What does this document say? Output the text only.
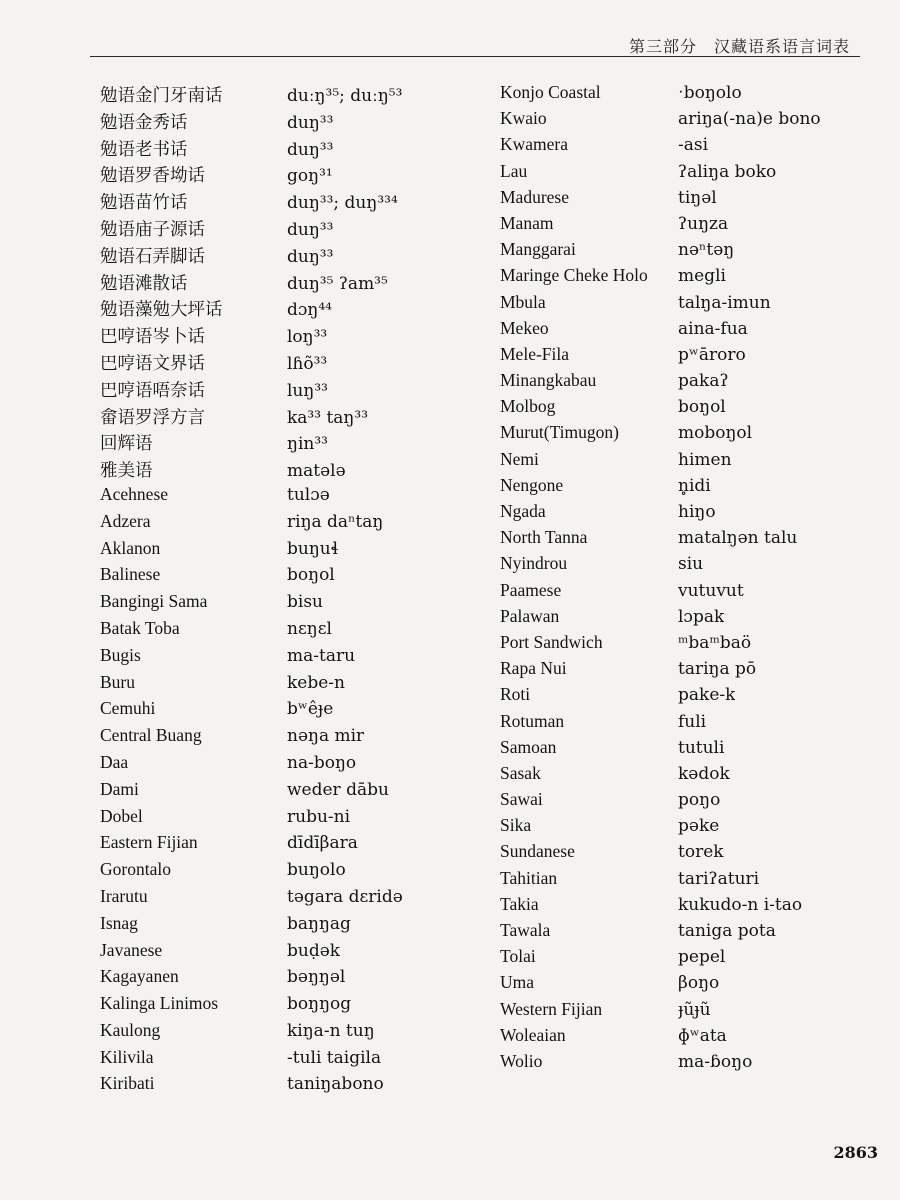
第三部分　汉藏语系语言词表
勉语金门牙南话	duːŋ³⁵; duːŋ⁵³
勉语金秀话	duŋ³³
勉语老书话	duŋ³³
勉语罗香坳话	goŋ³¹
勉语苗竹话	duŋ³³; duŋ³³⁴
勉语庙子源话	duŋ³³
勉语石弄脚话	duŋ³³
勉语滩散话	duŋ³⁵ ʔam³⁵
勉语藻勉大坪话	dɔŋ⁴⁴
巴哼语岑卜话	loŋ³³
巴哼语文界话	lɦõ³³
巴哼语唔奈话	luŋ³³
畲语罗浮方言	ka³³ taŋ³³
回辉语	ŋin³³
雅美语	matələ
Acehnese	tulɔə
Adzera	riŋa daⁿtaŋ
Aklanon	buŋuɬ
Balinese	boŋol
Bangingi Sama	bisu
Batak Toba	nɛŋɛl
Bugis	ma-taru
Buru	kebe-n
Cemuhi	bʷêɟe
Central Buang	nəŋa mir
Daa	na-boŋo
Dami	weder dābu
Dobel	rubu-ni
Eastern Fijian	dīdīβara
Gorontalo	buŋolo
Irarutu	təgara dɛridə
Isnag	baŋŋag
Javanese	buḍək
Kagayanen	bəŋŋəl
Kalinga Linimos	boŋŋog
Kaulong	kiŋa-n tuŋ
Kilivila	-tuli taigila
Kiribati	taniŋabono
Konjo Coastal	ˑboŋolo
Kwaio	ariŋa(-na)e bono
Kwamera	-asi
Lau	ʔaliŋa boko
Madurese	tiŋəl
Manam	ʔuŋza
Manggarai	nəⁿtəŋ
Maringe Cheke Holo	megli
Mbula	talŋa-imun
Mekeo	aina-fua
Mele-Fila	pʷāroro
Minangkabau	pakaʔ
Molbog	boŋol
Murut(Timugon)	moboŋol
Nemi	himen
Nengone	n̥idi
Ngada	hiŋo
North Tanna	matalŋən talu
Nyindrou	siu
Paamese	vutuvut
Palawan	lɔpak
Port Sandwich	ᵐbaᵐbaö
Rapa Nui	tariŋa pō
Roti	pake-k
Rotuman	fuli
Samoan	tutuli
Sasak	kədok
Sawai	poŋo
Sika	pəke
Sundanese	torek
Tahitian	tariʔaturi
Takia	kukudo-n i-tao
Tawala	taniga pota
Tolai	pepel
Uma	βoŋo
Western Fijian	ɟũɟũ
Woleaian	ɸʷata
Wolio	ma-ɓoŋo
2863
